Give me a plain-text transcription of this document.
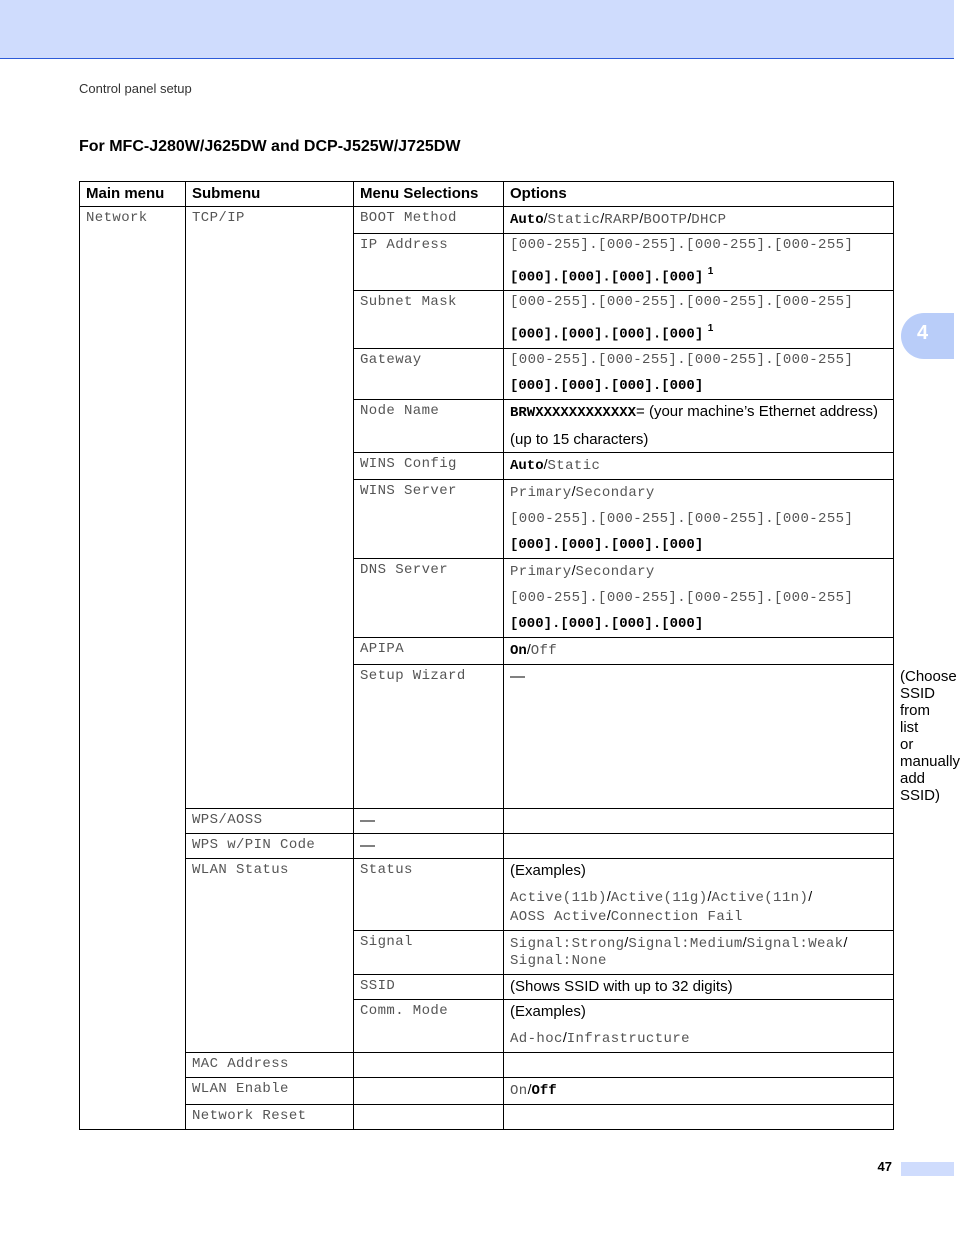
Control panel setup
For MFC-J280W/J625DW and DCP-J525W/J725DW
4
Main menu	Submenu	Menu Selections	Options	
Network	TCP/IP	BOOT Method	Auto/Static/RARP/BOOTP/DHCP	
		IP Address	[000-255].[000-255].[000-255].[000-255]
[000].[000].[000].[000] $^1$

		Subnet Mask	[000-255].[000-255].[000-255].[000-255]
[000].[000].[000].[000] $^1$

		Gateway	[000-255].[000-255].[000-255].[000-255]
[000].[000].[000].[000]	

		Node Name	BRWXXXXXXXXXXXX= (your machine’s Ethernet address)
(up to 15 characters)	

		WINS Config	Auto/Static	
		WINS Server	Primary/Secondary
[000-255].[000-255].[000-255].[000-255]
[000].[000].[000].[000]	

		DNS Server	Primary/Secondary
[000-255].[000-255].[000-255].[000-255]
[000].[000].[000].[000]	

		APIPA	On/Off	
		Setup Wizard	—	(Choose SSID from list or manually add SSID)
	WPS/AOSS	—		
	WPS w/PIN Code	—		
	WLAN Status	Status	(Examples)
Active(11b)/Active(11g)/Active(11n)/
AOSS Active/Connection Fail	

		Signal	Signal:Strong/Signal:Medium/Signal:Weak/
Signal:None	

		SSID	(Shows SSID with up to 32 digits)	
		Comm. Mode	(Examples)
Ad-hoc/Infrastructure	

	MAC Address			
	WLAN Enable		On/Off	
	Network Reset			
47
